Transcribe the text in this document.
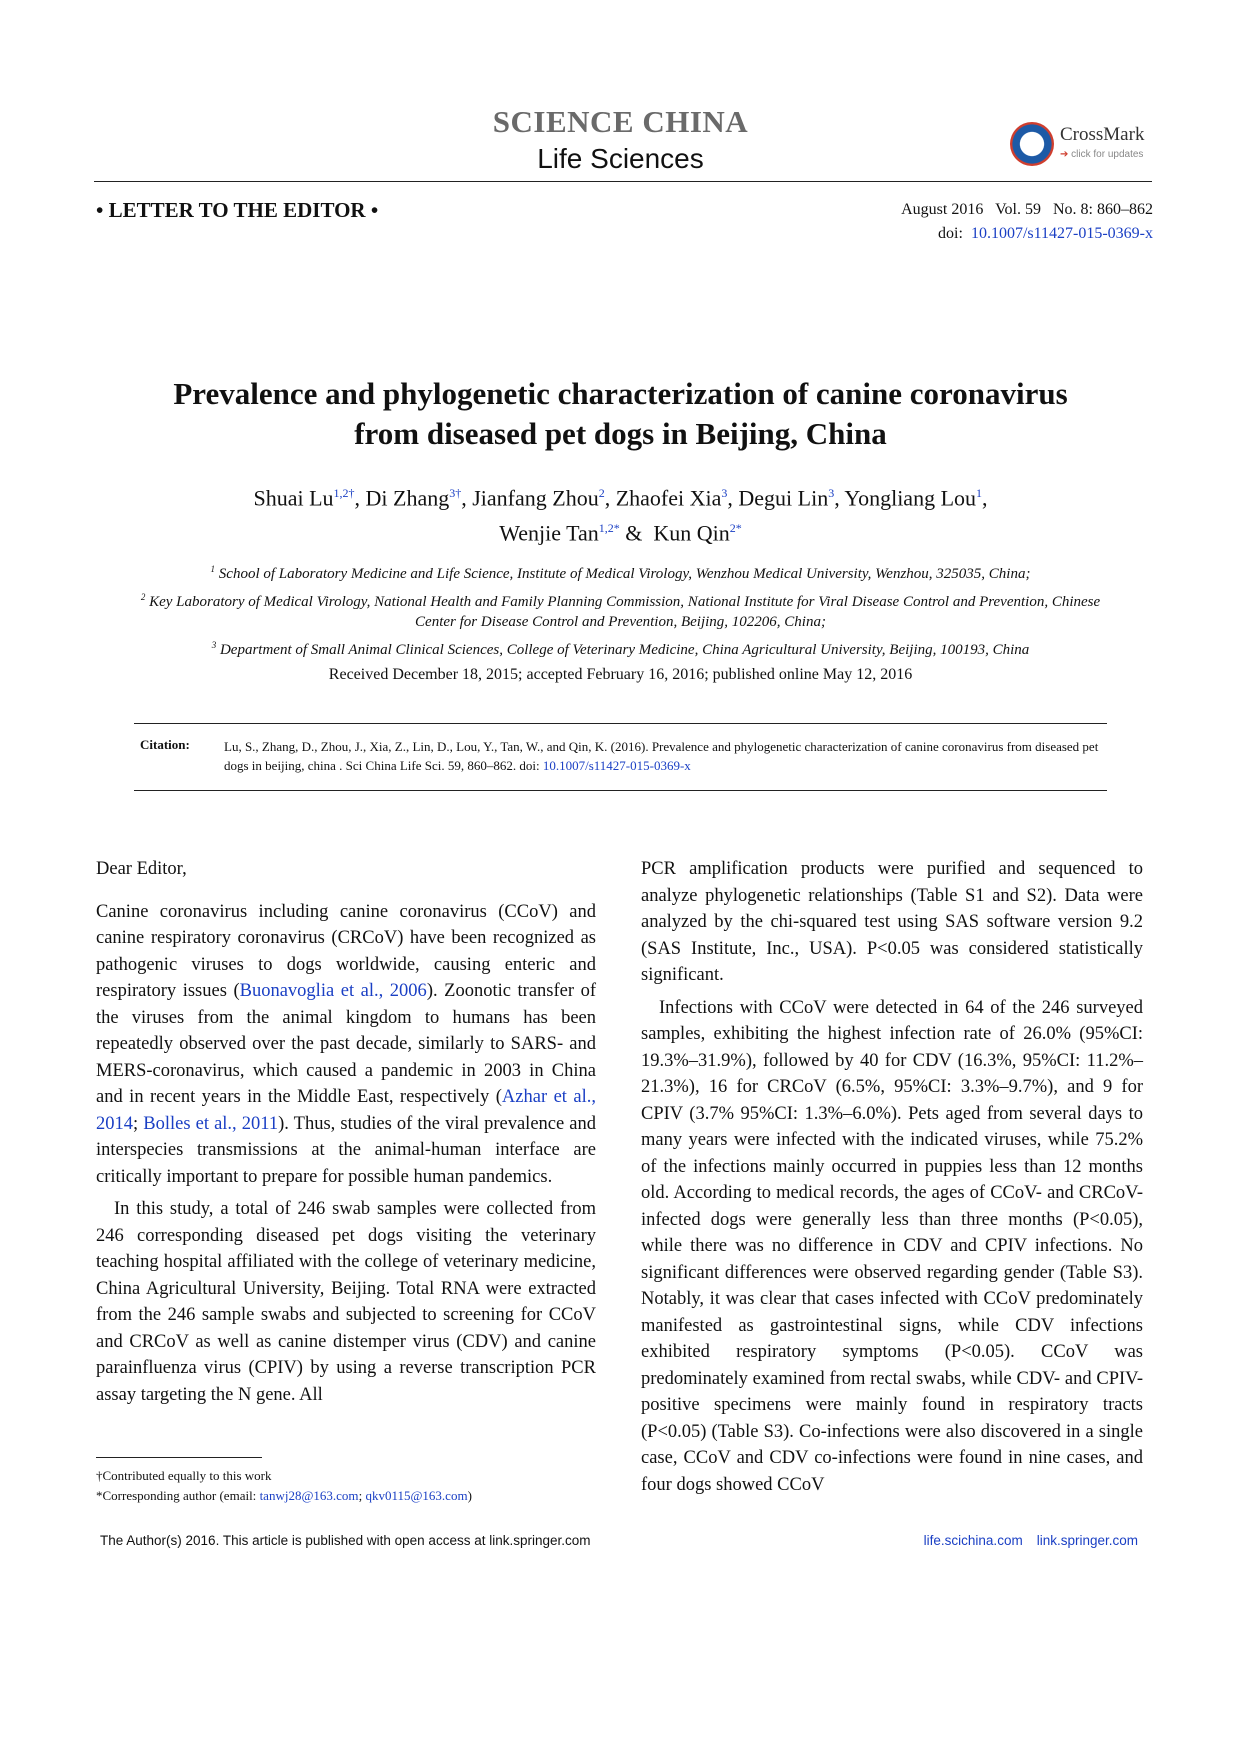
SCIENCE CHINA
Life Sciences
CrossMark
➔ click for updates
• LETTER TO THE EDITOR •	August 2016   Vol. 59   No. 8: 860–862
doi: 10.1007/s11427-015-0369-x
Prevalence and phylogenetic characterization of canine coronavirus
from diseased pet dogs in Beijing, China
Shuai $Lu^{1,2\dagger}$, Di Zhang$^{3\dagger}$, Jianfang Zhou$^2$, Zhaofei Xia$^3$, Degui Lin$^3$, Yongliang Lou$^1$,
Wenjie Tan$^{1,2*}$ &  Kun Qin$^{2*}$
$^1$ School of Laboratory Medicine and Life Science, Institute of Medical Virology, Wenzhou Medical University, Wenzhou, 325035, China;
$^2$ Key Laboratory of Medical Virology, National Health and Family Planning Commission, National Institute for Viral Disease Control and Prevention, Chinese Center for Disease Control and Prevention, Beijing, 102206, China;
$^3$ Department of Small Animal Clinical Sciences, College of Veterinary Medicine, China Agricultural University, Beijing, 100193, China
Received December 18, 2015; accepted February 16, 2016; published online May 12, 2016
Citation:	Lu, S., Zhang, D., Zhou, J., Xia, Z., Lin, D., Lou, Y., Tan, W., and Qin, K. (2016). Prevalence and phylogenetic characterization of canine coronavirus from diseased pet dogs in beijing, china . Sci China Life Sci. 59, 860–862. doi: 10.1007/s11427-015-0369-x

Dear Editor,

Canine coronavirus including canine coronavirus (CCoV) and canine respiratory coronavirus (CRCoV) have been recognized as pathogenic viruses to dogs worldwide, causing enteric and respiratory issues (Buonavoglia et al., 2006). Zoonotic transfer of the viruses from the animal kingdom to humans has been repeatedly observed over the past decade, similarly to SARS- and MERS-coronavirus, which caused a pandemic in 2003 in China and in recent years in the Middle East, respectively (Azhar et al., 2014; Bolles et al., 2011). Thus, studies of the viral prevalence and interspecies transmissions at the animal-human interface are critically important to prepare for possible human pandemics.

In this study, a total of 246 swab samples were collected from 246 corresponding diseased pet dogs visiting the veterinary teaching hospital affiliated with the college of veterinary medicine, China Agricultural University, Beijing. Total RNA were extracted from the 246 sample swabs and subjected to screening for CCoV and CRCoV as well as canine distemper virus (CDV) and canine parainfluenza virus (CPIV) by using a reverse transcription PCR assay targeting the N gene. All

PCR amplification products were purified and sequenced to analyze phylogenetic relationships (Table S1 and S2). Data were analyzed by the chi-squared test using SAS software version 9.2 (SAS Institute, Inc., USA). P<0.05 was considered statistically significant.

Infections with CCoV were detected in 64 of the 246 surveyed samples, exhibiting the highest infection rate of 26.0% (95%CI: 19.3%–31.9%), followed by 40 for CDV (16.3%, 95%CI: 11.2%–21.3%), 16 for CRCoV (6.5%, 95%CI: 3.3%–9.7%), and 9 for CPIV (3.7% 95%CI: 1.3%–6.0%). Pets aged from several days to many years were infected with the indicated viruses, while 75.2% of the infections mainly occurred in puppies less than 12 months old. According to medical records, the ages of CCoV- and CRCoV-infected dogs were generally less than three months (P<0.05), while there was no difference in CDV and CPIV infections. No significant differences were observed regarding gender (Table S3). Notably, it was clear that cases infected with CCoV predominately manifested as gastrointestinal signs, while CDV infections exhibited respiratory symptoms (P<0.05). CCoV was predominately examined from rectal swabs, while CDV- and CPIV-positive specimens were mainly found in respiratory tracts (P<0.05) (Table S3). Co-infections were also discovered in a single case, CCoV and CDV co-infections were found in nine cases, and four dogs showed CCoV

†Contributed equally to this work
*Corresponding author (email: tanwj28@163.com; qkv0115@163.com)
The Author(s) 2016. This article is published with open access at link.springer.com	life.scichina.com link.springer.com
